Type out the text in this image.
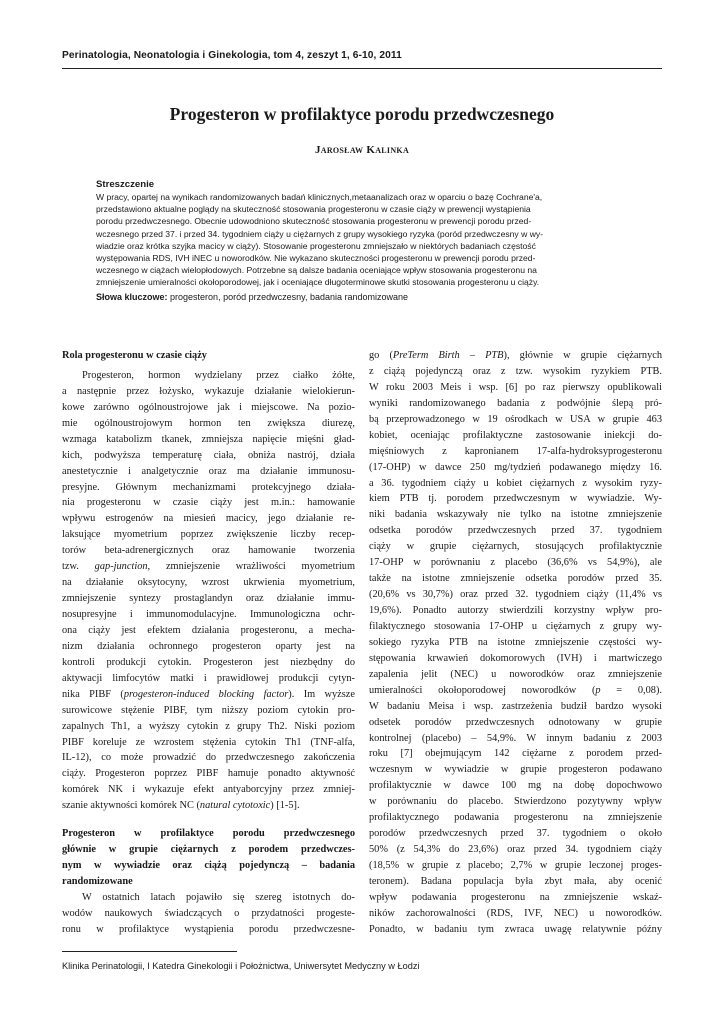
Perinatologia, Neonatologia i Ginekologia, tom 4, zeszyt 1, 6-10, 2011
Progesteron w profilaktyce porodu przedwczesnego
Jarosław Kalinka
Streszczenie
W pracy, opartej na wynikach randomizowanych badań klinicznych,metaanalizach oraz w oparciu o bazę Cochrane'a,
przedstawiono aktualne poglądy na skuteczność stosowania progesteronu w czasie ciąży w prewencji wystąpienia
porodu przedwczesnego. Obecnie udowodniono skuteczność stosowania progesteronu w prewencji porodu przed-
wczesnego przed 37. i przed 34. tygodniem ciąży u ciężarnych z grupy wysokiego ryzyka (poród przedwczesny w wy-
wiadzie oraz krótka szyjka macicy w ciąży). Stosowanie progesteronu zmniejszało w niektórych badaniach częstość
występowania RDS, IVH iNEC u noworodków. Nie wykazano skuteczności progesteronu w prewencji porodu przed-
wczesnego w ciążach wielopłodowych. Potrzebne są dalsze badania oceniające wpływ stosowania progesteronu na
zmniejszenie umieralności okołoporodowej, jak i oceniające długoterminowe skutki stosowania progesteronu u ciąży.
Słowa kluczowe: progesteron, poród przedwczesny, badania randomizowane
Rola progesteronu w czasie ciąży
Progesteron, hormon wydzielany przez ciałko żółte,
a następnie przez łożysko, wykazuje działanie wielokierun-
kowe zarówno ogólnoustrojowe jak i miejscowe. Na pozio-
mie ogólnoustrojowym hormon ten zwiększa diurezę,
wzmaga katabolizm tkanek, zmniejsza napięcie mięśni gład-
kich, podwyższa temperaturę ciała, obniża nastrój, działa
anestetycznie i analgetycznie oraz ma działanie immunosu-
presyjne. Głównym mechanizmami protekcyjnego działa-
nia progesteronu w czasie ciąży jest m.in.: hamowanie
wpływu estrogenów na miesień macicy, jego działanie re-
laksujące myometrium poprzez zwiększenie liczby recep-
torów beta-adrenergicznych oraz hamowanie tworzenia
tzw. gap-junction, zmniejszenie wrażliwości myometrium
na działanie oksytocyny, wzrost ukrwienia myometrium,
zmniejszenie syntezy prostaglandyn oraz działanie immu-
nosupresyjne i immunomodulacyjne. Immunologiczna ochr-
ona ciąży jest efektem działania progesteronu, a mecha-
nizm działania ochronnego progesteron oparty jest na
kontroli produkcji cytokin. Progesteron jest niezbędny do
aktywacji limfocytów matki i prawidłowej produkcji cytyn-
nika PIBF (progesteron-induced blocking factor). Im wyższe
surowicowe stężenie PIBF, tym niższy poziom cytokin pro-
zapalnych Th1, a wyższy cytokin z grupy Th2. Niski poziom
PIBF koreluje ze wzrostem stężenia cytokin Th1 (TNF-alfa,
IL-12), co może prowadzić do przedwczesnego zakończenia
ciąży. Progesteron poprzez PIBF hamuje ponadto aktywność
komórek NK i wykazuje efekt antyaborcyjny przez zmniej-
szanie aktywności komórek NC (natural cytotoxic) [1-5].
Progesteron w profilaktyce porodu przedwczesnego
głównie w grupie ciężarnych z porodem przedwczes-
nym w wywiadzie oraz ciążą pojedynczą – badania
randomizowane
W ostatnich latach pojawiło się szereg istotnych do-
wodów naukowych świadczących o przydatności progeste-
ronu w profilaktyce wystąpienia porodu przedwczesne-
go (PreTerm Birth – PTB), głównie w grupie ciężarnych
z ciążą pojedynczą oraz z tzw. wysokim ryzykiem PTB.
W roku 2003 Meis i wsp. [6] po raz pierwszy opublikowali
wyniki randomizowanego badania z podwójnie ślepą pró-
bą przeprowadzonego w 19 ośrodkach w USA w grupie 463
kobiet, oceniając profilaktyczne zastosowanie iniekcji do-
mięśniowych z kapronianem 17-alfa-hydroksyprogesteronu
(17-OHP) w dawce 250 mg/tydzień podawanego między 16.
a 36. tygodniem ciąży u kobiet ciężarnych z wysokim ryzy-
kiem PTB tj. porodem przedwczesnym w wywiadzie. Wy-
niki badania wskazywały nie tylko na istotne zmniejszenie
odsetka porodów przedwczesnych przed 37. tygodniem
ciąży w grupie ciężarnych, stosujących profilaktycznie
17-OHP w porównaniu z placebo (36,6% vs 54,9%), ale
także na istotne zmniejszenie odsetka porodów przed 35.
(20,6% vs 30,7%) oraz przed 32. tygodniem ciąży (11,4% vs
19,6%). Ponadto autorzy stwierdzili korzystny wpływ pro-
filaktycznego stosowania 17-OHP u ciężarnych z grupy wy-
sokiego ryzyka PTB na istotne zmniejszenie częstości wy-
stępowania krwawień dokomorowych (IVH) i martwiczego
zapalenia jelit (NEC) u noworodków oraz zmniejszenie
umieralności okołoporodowej noworodków (p = 0,08).
W badaniu Meisa i wsp. zastrzeżenia budził bardzo wysoki
odsetek porodów przedwczesnych odnotowany w grupie
kontrolnej (placebo) – 54,9%. W innym badaniu z 2003
roku [7] obejmującym 142 ciężarne z porodem przed-
wczesnym w wywiadzie w grupie progesteron podawano
profilaktycznie w dawce 100 mg na dobę dopochwowo
w porównaniu do placebo. Stwierdzono pozytywny wpływ
profilaktycznego podawania progesteronu na zmniejszenie
porodów przedwczesnych przed 37. tygodniem o około
50% (z 54,3% do 23,6%) oraz przed 34. tygodniem ciąży
(18,5% w grupie z placebo; 2,7% w grupie leczonej proges-
teronem). Badana populacja była zbyt mała, aby ocenić
wpływ podawania progesteronu na zmniejszenie wskaź-
ników zachorowalności (RDS, IVF, NEC) u noworodków.
Ponadto, w badaniu tym zwraca uwagę relatywnie późny
Klinika Perinatologii, I Katedra Ginekologii i Położnictwa, Uniwersytet Medyczny w Łodzi
